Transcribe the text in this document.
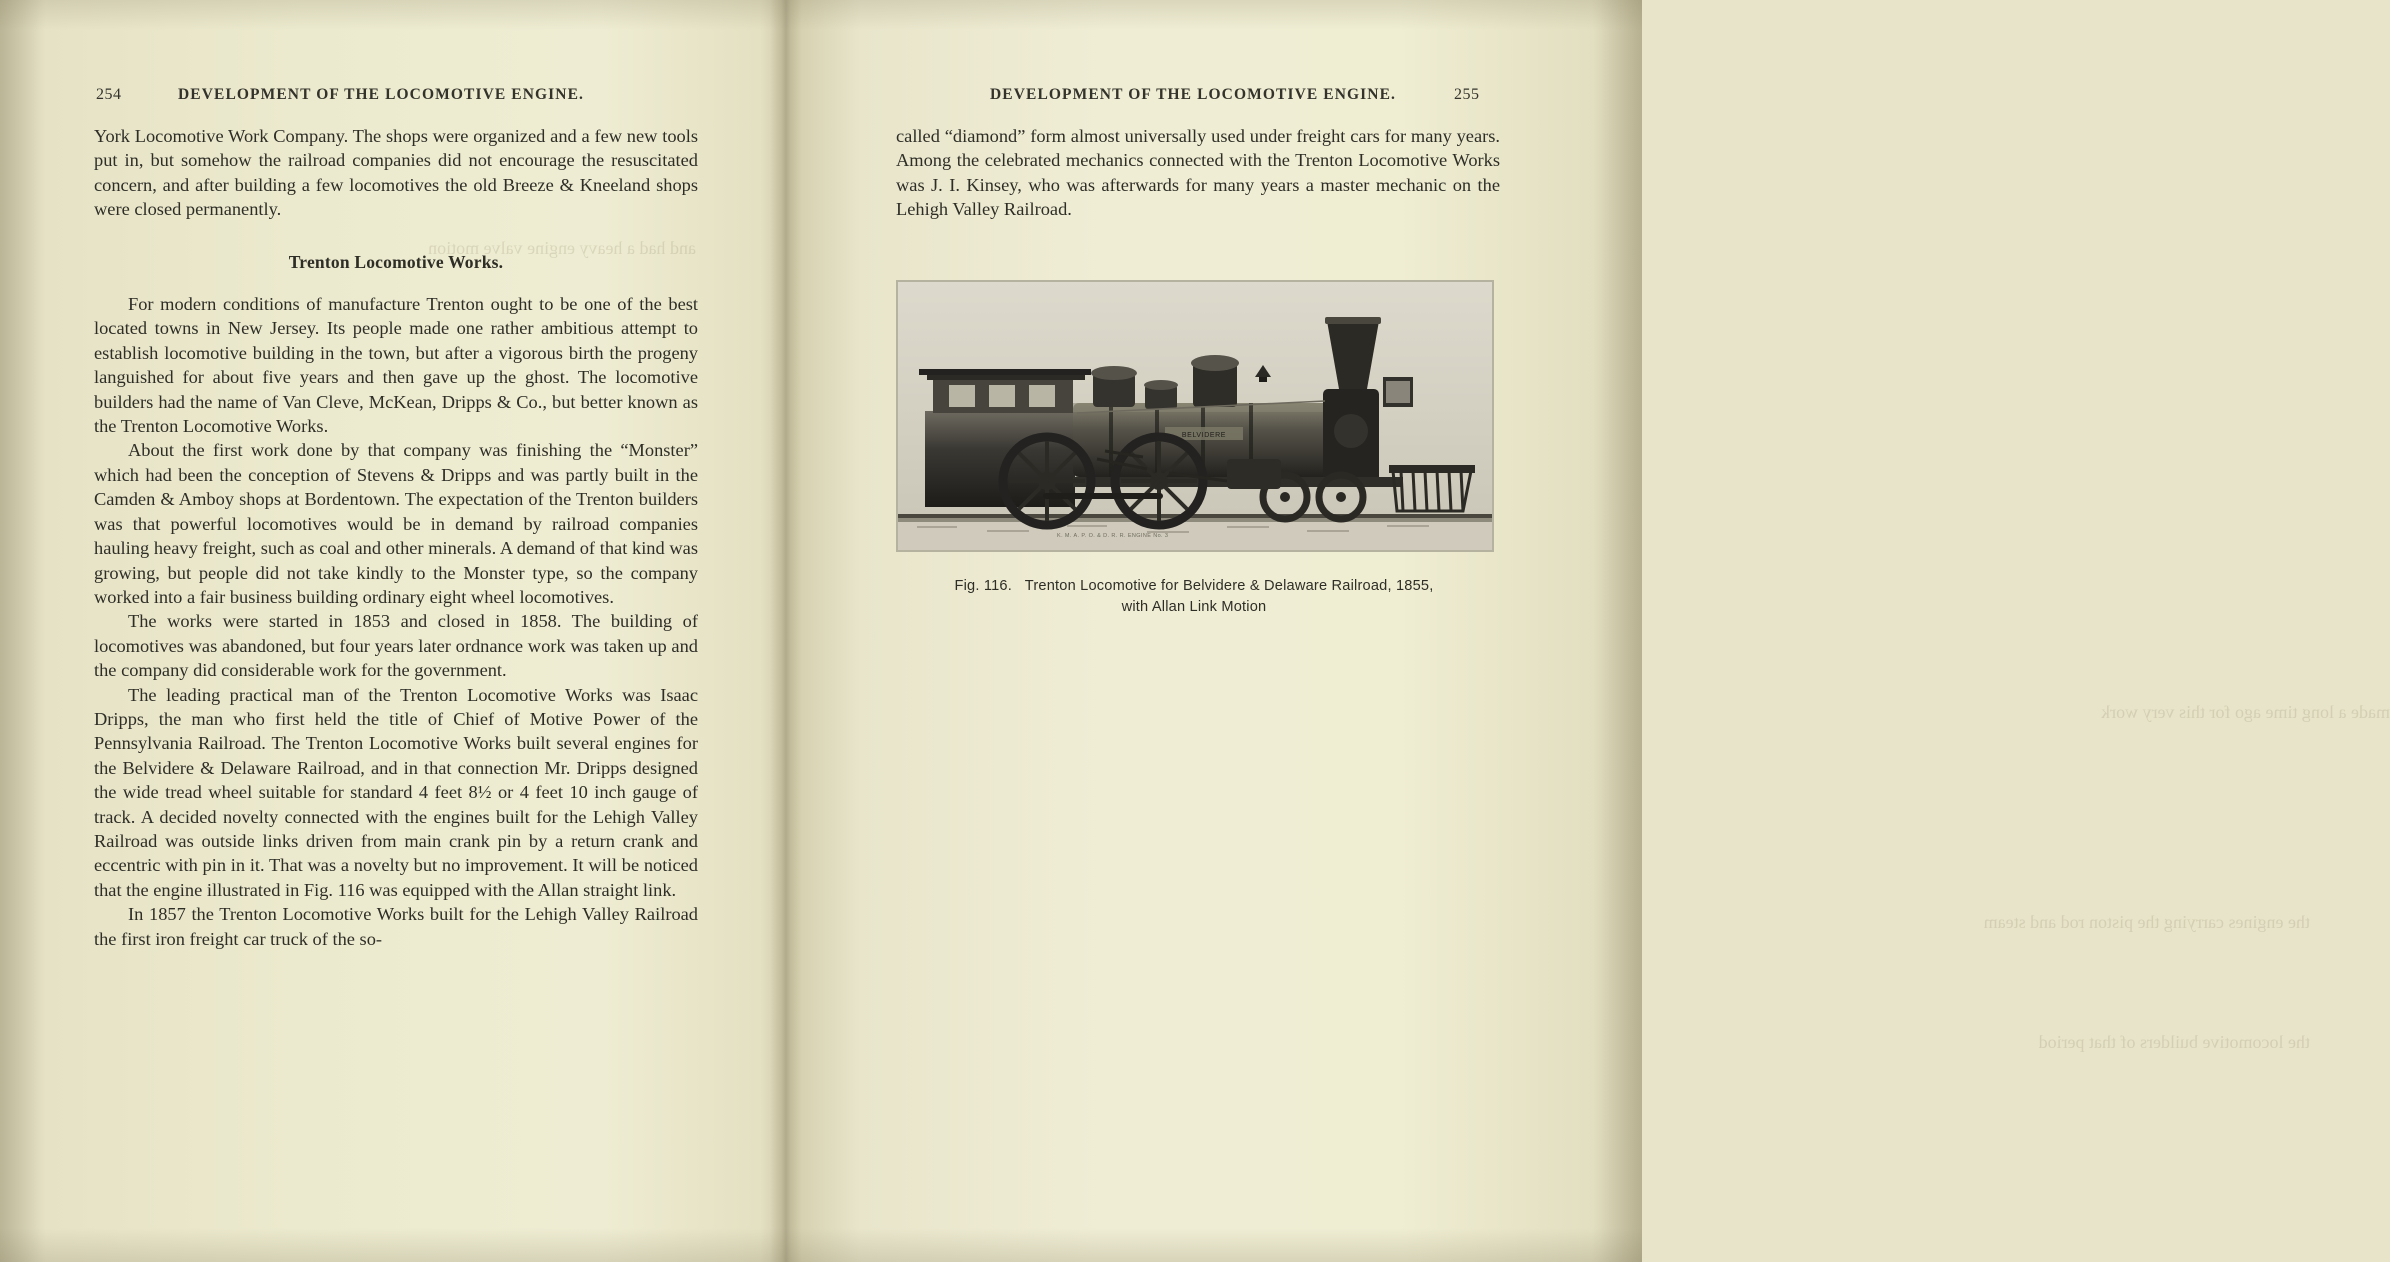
254	DEVELOPMENT OF THE LOCOMOTIVE ENGINE.

York Locomotive Work Company. The shops were organized and a few new tools put in, but somehow the railroad companies did not encourage the resuscitated concern, and after building a few locomotives the old Breeze & Kneeland shops were closed permanently.

Trenton Locomotive Works.

For modern conditions of manufacture Trenton ought to be one of the best located towns in New Jersey. Its people made one rather ambitious attempt to establish locomotive building in the town, but after a vigorous birth the progeny languished for about five years and then gave up the ghost. The locomotive builders had the name of Van Cleve, McKean, Dripps & Co., but better known as the Trenton Locomotive Works.

About the first work done by that company was finishing the “Monster” which had been the conception of Stevens & Dripps and was partly built in the Camden & Amboy shops at Bordentown. The expectation of the Trenton builders was that powerful locomotives would be in demand by railroad companies hauling heavy freight, such as coal and other minerals. A demand of that kind was growing, but people did not take kindly to the Monster type, so the company worked into a fair business building ordinary eight wheel locomotives.

The works were started in 1853 and closed in 1858. The building of locomotives was abandoned, but four years later ordnance work was taken up and the company did considerable work for the government.

The leading practical man of the Trenton Locomotive Works was Isaac Dripps, the man who first held the title of Chief of Motive Power of the Pennsylvania Railroad. The Trenton Locomotive Works built several engines for the Belvidere & Delaware Railroad, and in that connection Mr. Dripps designed the wide tread wheel suitable for standard 4 feet 8½ or 4 feet 10 inch gauge of track. A decided novelty connected with the engines built for the Lehigh Valley Railroad was outside links driven from main crank pin by a return crank and eccentric with pin in it. That was a novelty but no improvement. It will be noticed that the engine illustrated in Fig. 116 was equipped with the Allan straight link.

In 1857 the Trenton Locomotive Works built for the Lehigh Valley Railroad the first iron freight car truck of the so-

and had a heavy engine valve motion
DEVELOPMENT OF THE LOCOMOTIVE ENGINE.	255

called “diamond” form almost universally used under freight cars for many years. Among the celebrated mechanics connected with the Trenton Locomotive Works was J. I. Kinsey, who was afterwards for many years a master mechanic on the Lehigh Valley Railroad.

BELVIDERE
K. M. A. P. O. & D. R. R. ENGINE No. 3
Fig. 116. Trenton Locomotive for Belvidere & Delaware Railroad, 1855,
with Allan Link Motion
made a long time ago for this very work
the engines carrying the piston rod and steam
the locomotive builders of that period
